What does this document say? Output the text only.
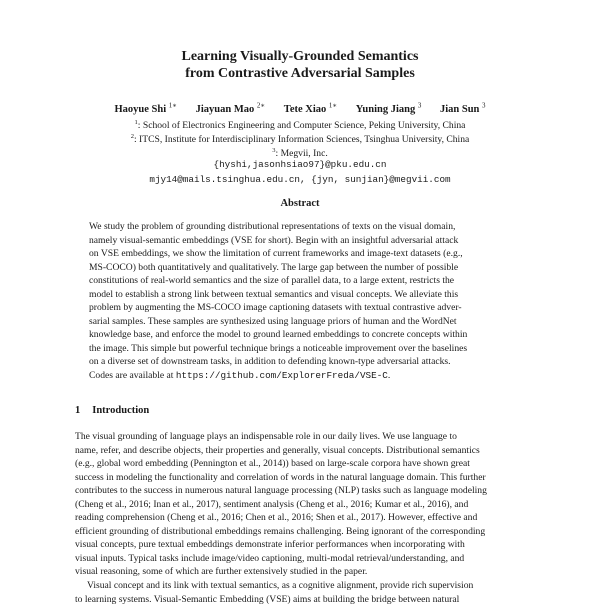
Learning Visually-Grounded Semantics
from Contrastive Adversarial Samples
Haoyue Shi $^{1∗}$ Jiayuan Mao $^{2∗}$ Tete Xiao $^{1∗}$ Yuning Jiang $^3$ Jian Sun $^3$
$^1$: School of Electronics Engineering and Computer Science, Peking University, China
$^2$: ITCS, Institute for Interdisciplinary Information Sciences, Tsinghua University, China
$^3$: Megvii, Inc.
{hyshi,jasonhsiao97}@pku.edu.cn
mjy14@mails.tsinghua.edu.cn, {jyn, sunjian}@megvii.com
Abstract
We study the problem of grounding distributional representations of texts on the visual domain,
namely visual-semantic embeddings (VSE for short). Begin with an insightful adversarial attack
on VSE embeddings, we show the limitation of current frameworks and image-text datasets (e.g.,
MS-COCO) both quantitatively and qualitatively. The large gap between the number of possible
constitutions of real-world semantics and the size of parallel data, to a large extent, restricts the
model to establish a strong link between textual semantics and visual concepts. We alleviate this
problem by augmenting the MS-COCO image captioning datasets with textual contrastive adver-
sarial samples. These samples are synthesized using language priors of human and the WordNet
knowledge base, and enforce the model to ground learned embeddings to concrete concepts within
the image. This simple but powerful technique brings a noticeable improvement over the baselines
on a diverse set of downstream tasks, in addition to defending known-type adversarial attacks.
Codes are available at https://github.com/ExplorerFreda/VSE-C.
1 Introduction
The visual grounding of language plays an indispensable role in our daily lives. We use language to
name, refer, and describe objects, their properties and generally, visual concepts. Distributional semantics
(e.g., global word embedding (Pennington et al., 2014)) based on large-scale corpora have shown great
success in modeling the functionality and correlation of words in the natural language domain. This further
contributes to the success in numerous natural language processing (NLP) tasks such as language modeling
(Cheng et al., 2016; Inan et al., 2017), sentiment analysis (Cheng et al., 2016; Kumar et al., 2016), and
reading comprehension (Cheng et al., 2016; Chen et al., 2016; Shen et al., 2017). However, effective and
efficient grounding of distributional embeddings remains challenging. Being ignorant of the corresponding
visual concepts, pure textual embeddings demonstrate inferior performances when incorporating with
visual inputs. Typical tasks include image/video captioning, multi-modal retrieval/understanding, and
visual reasoning, some of which are further extensively studied in the paper.
Visual concept and its link with textual semantics, as a cognitive alignment, provide rich supervision
to learning systems. Visual-Semantic Embedding (VSE) aims at building the bridge between natural
